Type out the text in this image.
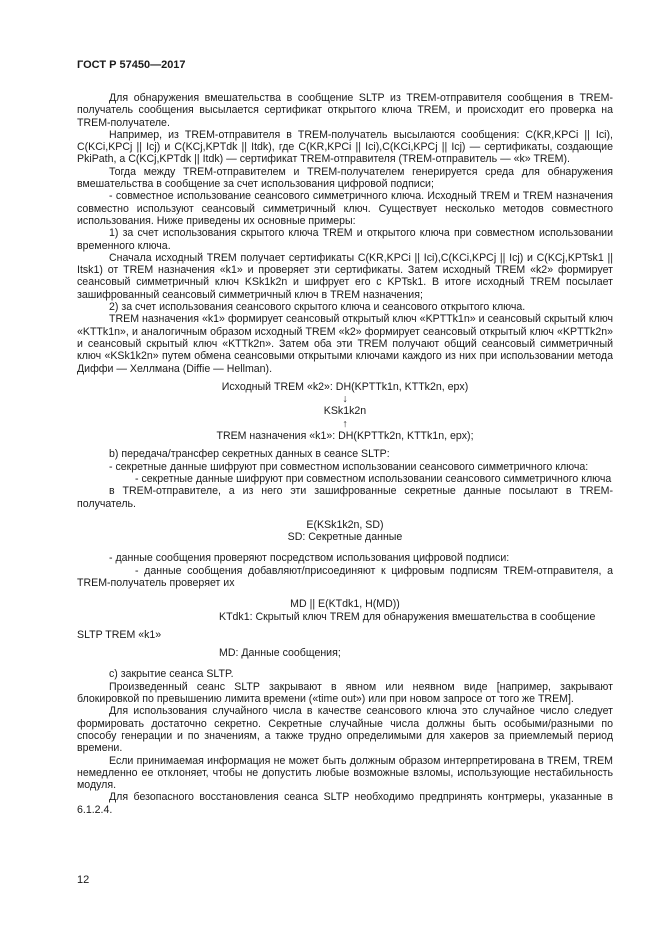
ГОСТ Р 57450—2017

Для обнаружения вмешательства в сообщение SLTP из TREM-отправителя сообщения в TREM-получатель сообщения высылается сертификат открытого ключа TREM, и происходит его проверка на TREM-получателе.

Например, из TREM-отправителя в TREM-получатель высылаются сообщения: C(KR,KPCi || Ici), C(KCi,KPCj || Icj) и C(KCj,KPTdk || Itdk), где C(KR,KPCi || Ici),C(KCi,KPCj || Icj) — сертификаты, создающие PkiPath, а C(KCj,KPTdk || Itdk) — сертификат TREM-отправителя (TREM-отправитель — «k» TREM).

Тогда между TREM-отправителем и TREM-получателем генерируется среда для обнаружения вмешательства в сообщение за счет использования цифровой подписи;

- совместное использование сеансового симметричного ключа. Исходный TREM и TREM назначения совместно используют сеансовый симметричный ключ. Существует несколько методов совместного использования. Ниже приведены их основные примеры:

1) за счет использования скрытого ключа TREM и открытого ключа при совместном использовании временного ключа.

Сначала исходный TREM получает сертификаты C(KR,KPCi || Ici),C(KCi,KPCj || Icj) и C(KCj,KPTsk1 || Itsk1) от TREM назначения «k1» и проверяет эти сертификаты. Затем исходный TREM «k2» формирует сеансовый симметричный ключ KSk1k2n и шифрует его с KPTsk1. В итоге исходный TREM посылает зашифрованный сеансовый симметричный ключ в TREM назначения;

2) за счет использования сеансового скрытого ключа и сеансового открытого ключа.

TREM назначения «k1» формирует сеансовый открытый ключ «KPTTk1n» и сеансовый скрытый ключ «KTTk1n», и аналогичным образом исходный TREM «k2» формирует сеансовый открытый ключ «KPTTk2n» и сеансовый скрытый ключ «KTTk2n». Затем оба эти TREM получают общий сеансовый симметричный ключ «KSk1k2n» путем обмена сеансовыми открытыми ключами каждого из них при использовании метода Диффи — Хеллмана (Diffie — Hellman).

Исходный TREM «k2»: DH(KPTTk1n, KTTk2n, epx)

↓

KSk1k2n

↑

TREM назначения «k1»: DH(KPTTk2n, KTTk1n, epx);

b) передача/трансфер секретных данных в сеансе SLTP:

- секретные данные шифруют при совместном использовании сеансового симметричного ключа:

- секретные данные шифруют при совместном использовании сеансового симметричного ключа

в TREM-отправителе, а из него эти зашифрованные секретные данные посылают в TREM-получатель.

E(KSk1k2n, SD)

SD: Секретные данные

- данные сообщения проверяют посредством использования цифровой подписи:

- данные сообщения добавляют/присоединяют к цифровым подписям TREM-отправителя, а TREM-получатель проверяет их

MD || E(KTdk1, H(MD))

KTdk1: Скрытый ключ TREM для обнаружения вмешательства в сообщение

SLTP TREM «k1»

MD: Данные сообщения;

c) закрытие сеанса SLTP.

Произведенный сеанс SLTP закрывают в явном или неявном виде [например, закрывают блокировкой по превышению лимита времени («time out») или при новом запросе от того же TREM].

Для использования случайного числа в качестве сеансового ключа это случайное число следует формировать достаточно секретно. Секретные случайные числа должны быть особыми/разными по способу генерации и по значениям, а также трудно определимыми для хакеров за приемлемый период времени.

Если принимаемая информация не может быть должным образом интерпретирована в TREM, TREM немедленно ее отклоняет, чтобы не допустить любые возможные взломы, использующие нестабильность модуля.

Для безопасного восстановления сеанса SLTP необходимо предпринять контрмеры, указанные в 6.1.2.4.

12
